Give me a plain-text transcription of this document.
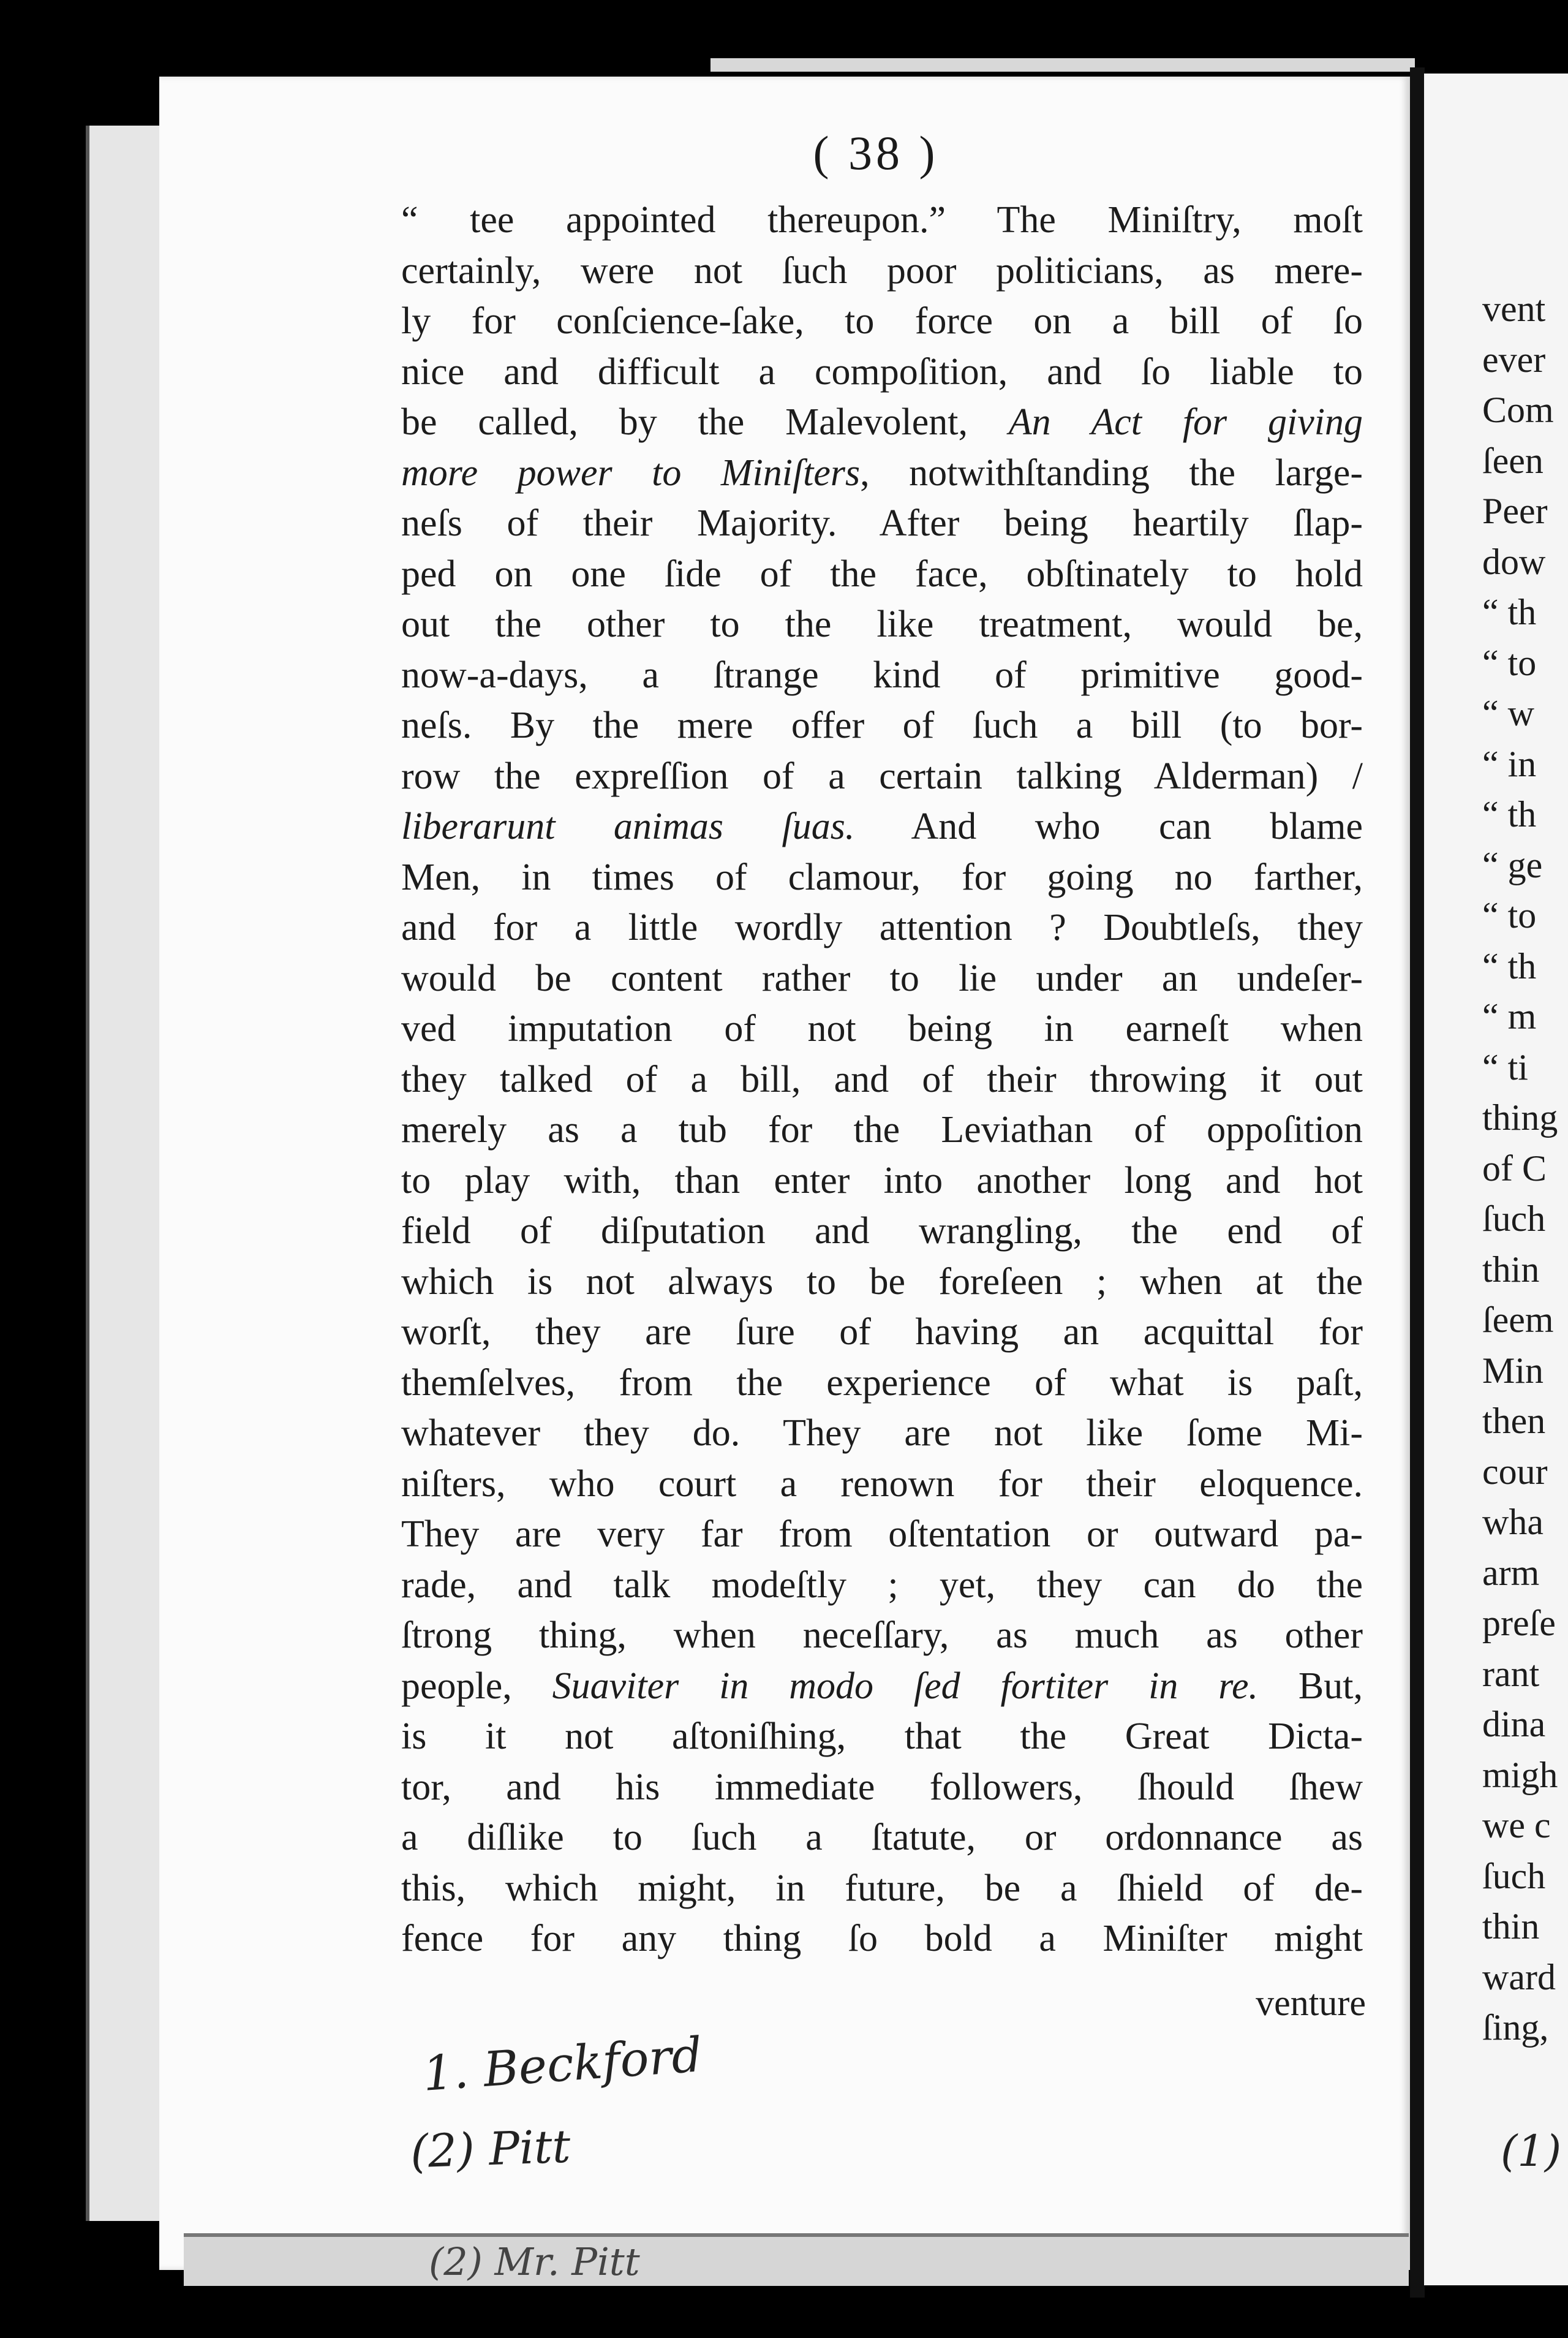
( 38 )
“ tee appointed thereupon.” The Miniſtry, moſt
certainly, were not ſuch poor politicians, as mere-
ly for conſcience-ſake, to force on a bill of ſo
nice and difficult a compoſition, and ſo liable to
be called, by the Malevolent, An Act for giving
more power to Miniſters, notwithſtanding the large-
neſs of their Majority. After being heartily ſlap-
ped on one ſide of the face, obſtinately to hold
out the other to the like treatment, would be,
now-a-days, a ſtrange kind of primitive good-
neſs. By the mere offer of ſuch a bill (to bor-
row the expreſſion of a certain talking Alderman) /
liberarunt animas ſuas. And who can blame
Men, in times of clamour, for going no farther,
and for a little wordly attention ? Doubtleſs, they
would be content rather to lie under an undeſer-
ved imputation of not being in earneſt when
they talked of a bill, and of their throwing it out
merely as a tub for the Leviathan of oppoſition
to play with, than enter into another long and hot
field of diſputation and wrangling, the end of
which is not always to be foreſeen ; when at the
worſt, they are ſure of having an acquittal for
themſelves, from the experience of what is paſt,
whatever they do. They are not like ſome Mi-
niſters, who court a renown for their eloquence.
They are very far from oſtentation or outward pa-
rade, and talk modeſtly ; yet, they can do the
ſtrong thing, when neceſſary, as much as other
people, Suaviter in modo ſed fortiter in re. But,
is it not aſtoniſhing, that the Great Dicta-
tor, and his immediate followers, ſhould ſhew
a diſlike to ſuch a ſtatute, or ordonnance as
this, which might, in future, be a ſhield of de-
fence for any thing ſo bold a Miniſter might
venture
1. Beckford
(2) Pitt
(2) Mr. Pitt
vent
ever
Com
ſeen
Peer
dow
“ th
“ to
“ w
“ in
“ th
“ ge
“ to
“ th
“ m
“ ti
thing
of C
ſuch
thin
ſeem
Min
then
cour
wha
arm
preſe
rant
dina
migh
we c
ſuch
thin
ward
ſing,
(1)
